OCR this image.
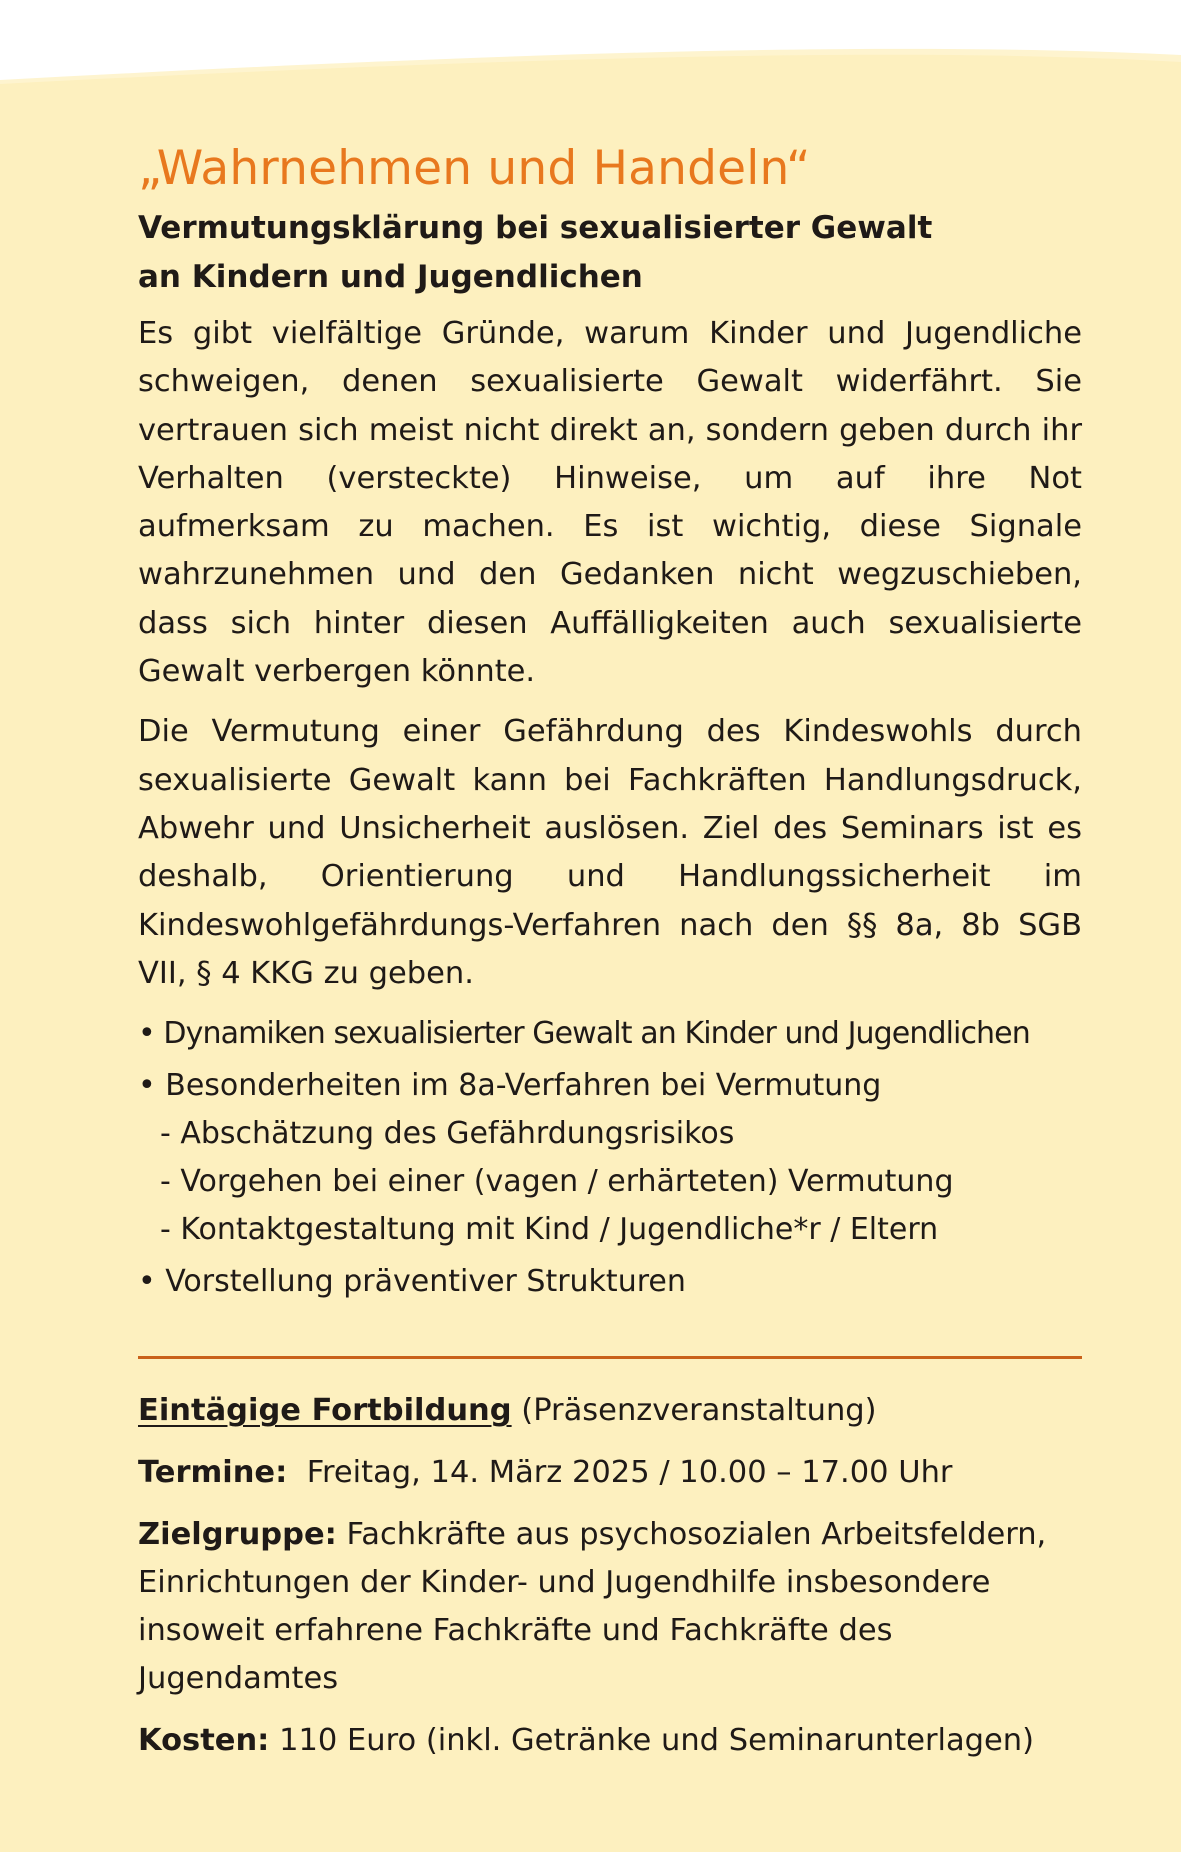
„Wahrnehmen und Handeln“
Vermutungsklärung bei sexualisierter Gewalt
an Kindern und Jugendlichen

Es gibt vielfältige Gründe, warum Kinder und Jugendliche schweigen, denen sexualisierte Gewalt widerfährt. Sie vertrauen sich meist nicht direkt an, sondern geben durch ihr Verhalten (versteckte) Hinweise, um auf ihre Not aufmerksam zu machen. Es ist wichtig, diese Signale wahrzunehmen und den Gedanken nicht wegzuschieben, dass sich hinter diesen Auffälligkeiten auch sexualisierte Gewalt verbergen könnte.

Die Vermutung einer Gefährdung des Kindeswohls durch sexualisierte Gewalt kann bei Fachkräften Handlungsdruck, Abwehr und Unsicherheit auslösen. Ziel des Seminars ist es deshalb, Orientierung und Handlungssicherheit im Kindeswohlgefährdungs-Verfahren nach den §§ 8a, 8b SGB VII, § 4 KKG zu geben.

• Dynamiken sexualisierter Gewalt an Kinder und Jugendlichen
• Besonderheiten im 8a-Verfahren bei Vermutung
- Abschätzung des Gefährdungsrisikos
- Vorgehen bei einer (vagen / erhärteten) Vermutung
- Kontaktgestaltung mit Kind / Jugendliche*r / Eltern
• Vorstellung präventiver Strukturen
Eintägige Fortbildung (Präsenzveranstaltung)
Termine:  Freitag, 14. März 2025 / 10.00 – 17.00 Uhr
Zielgruppe: Fachkräfte aus psychosozialen Arbeitsfeldern, Einrichtungen der Kinder- und Jugendhilfe insbesondere insoweit erfahrene Fachkräfte und Fachkräfte des Jugendamtes
Kosten: 110 Euro (inkl. Getränke und Seminarunterlagen)
